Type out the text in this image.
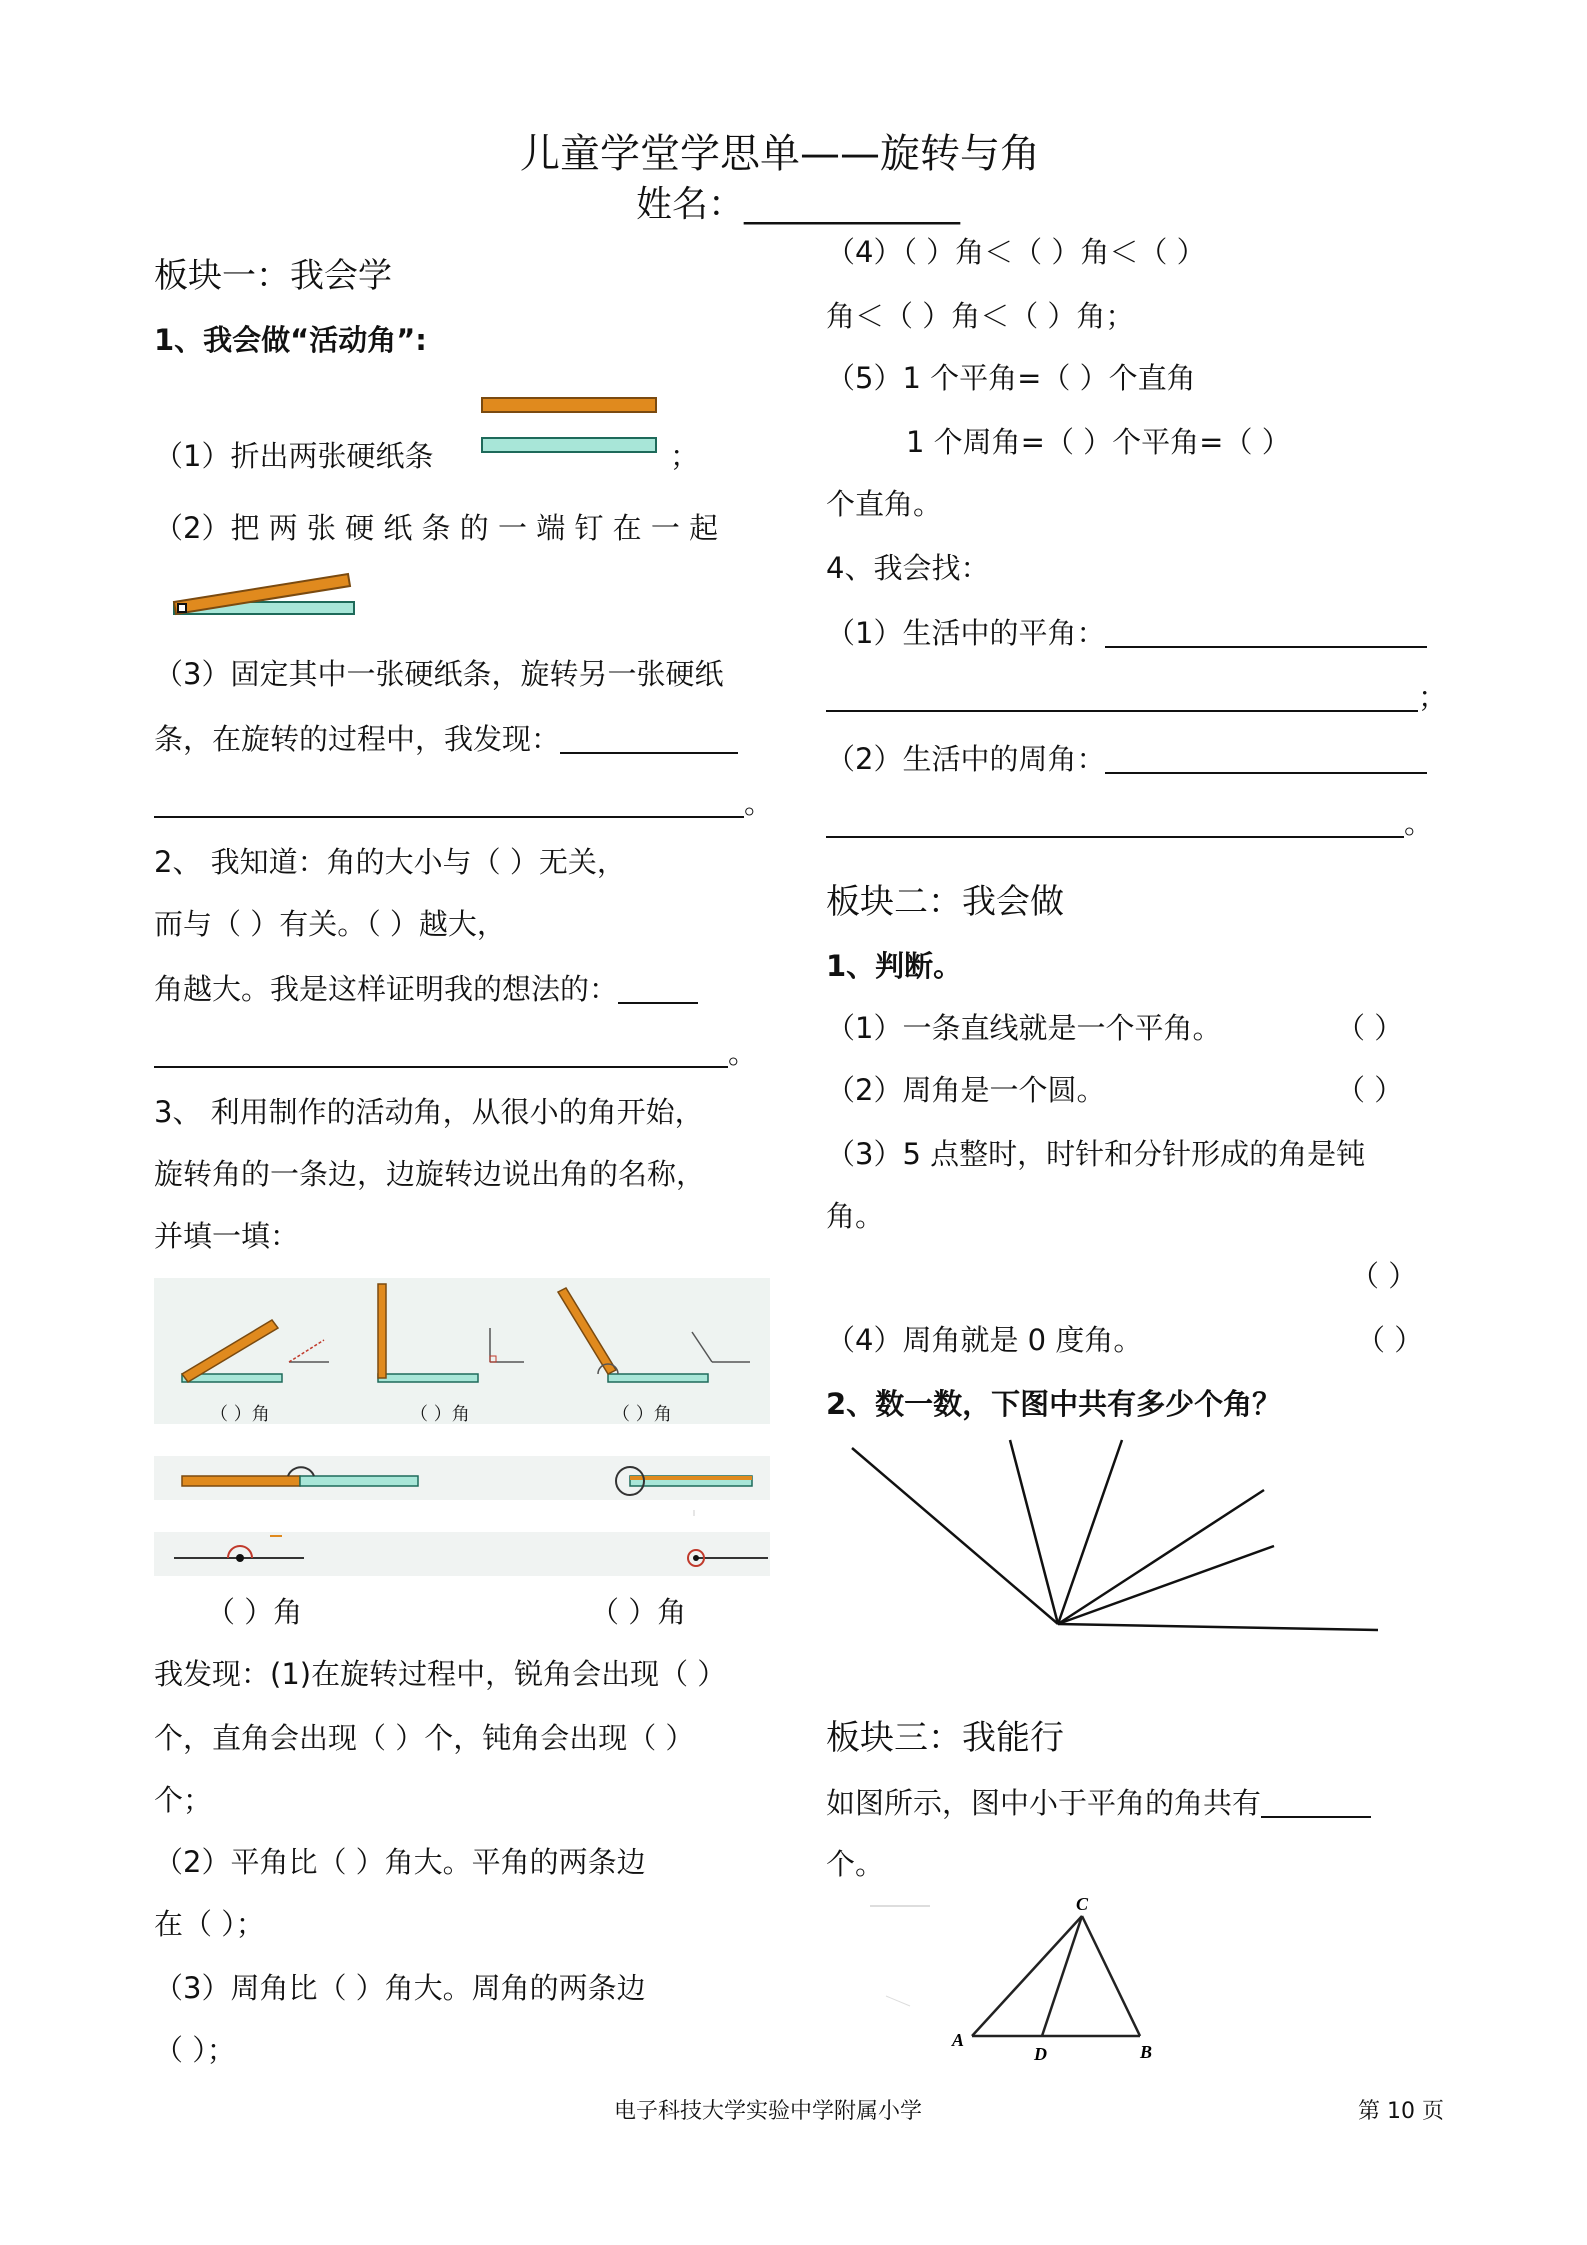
儿童学堂学思单——旋转与角
姓名：____________
板块一：我会学
1、我会做“活动角”:
（1）折出两张硬纸条	；
（2）把 两 张 硬 纸 条 的 一 端 钉 在 一 起
（3）固定其中一张硬纸条，旋转另一张硬纸
条，在旋转的过程中，我发现：
。
2、 我知道：角的大小与（ ）无关，
而与（ ）有关。（ ）越大，
角越大。我是这样证明我的想法的：
。
3、 利用制作的活动角，从很小的角开始，
旋转角的一条边，边旋转边说出角的名称，
并填一填：
（ ）角	（ ）角	（ ）角
（ ）角	（ ）角
我发现：(1)在旋转过程中，锐角会出现（ ）
个，直角会出现（ ）个，钝角会出现（ ）
个；
（2）平角比（ ）角大。平角的两条边
在（ ）；
（3）周角比（ ）角大。周角的两条边
（ ）；
（4）（ ）角＜（ ）角＜（ ）
角＜（ ）角＜（ ）角；
（5）1 个平角=（ ）个直角
1 个周角=（ ）个平角=（ ）
个直角。
4、我会找：
（1）生活中的平角：
；
（2）生活中的周角：
。
板块二：我会做
1、判断。
（1）一条直线就是一个平角。	（ ）
（2）周角是一个圆。	（ ）
（3）5 点整时，时针和分针形成的角是钝
角。
（ ）
（4）周角就是 0 度角。	（ ）
2、数一数，下图中共有多少个角？
板块三：我能行
如图所示，图中小于平角的角共有
个。
A
B
C
D
电子科技大学实验中学附属小学	第 10 页
